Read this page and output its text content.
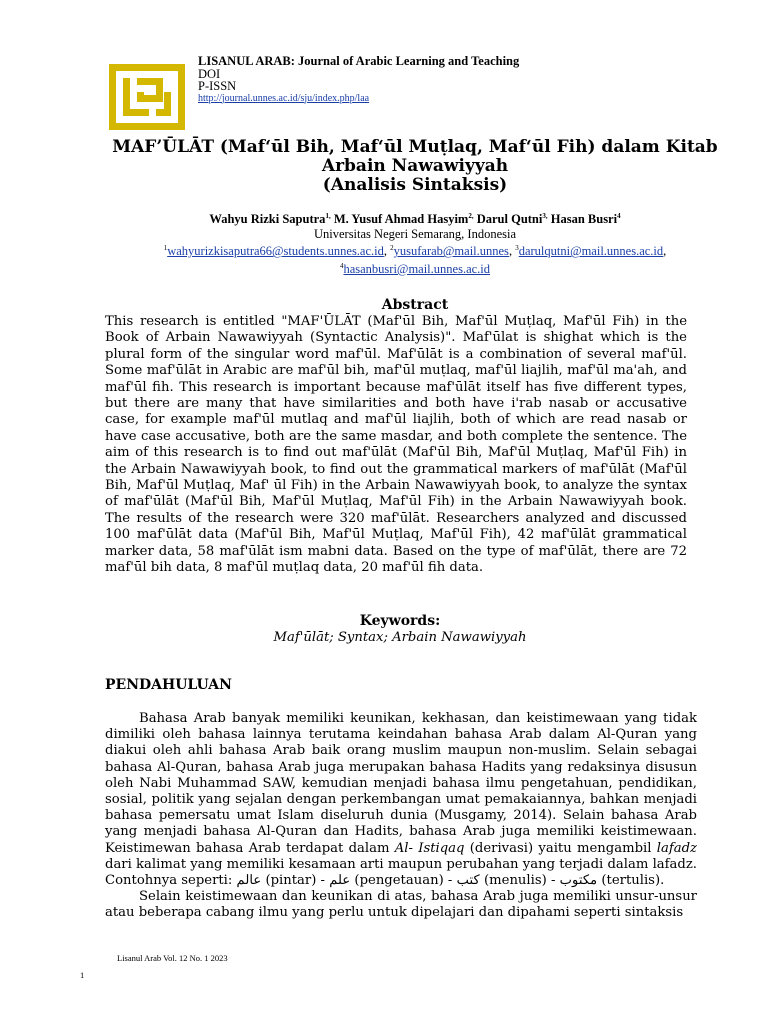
LISANUL ARAB: Journal of Arabic Learning and Teaching
DOI
P-ISSN
http://journal.unnes.ac.id/sju/index.php/laa
MAF’ŪLĀT (Maf‘ūl Bih, Maf‘ūl Muṭlaq, Maf‘ūl Fih) dalam Kitab
Arbain Nawawiyyah
(Analisis Sintaksis)
Wahyu Rizki Saputra$^{1,}$ M. Yusuf Ahmad Hasyim$^{2,}$ Darul Qutni$^{3,}$ Hasan Busri$^4$
Universitas Negeri Semarang, Indonesia
$^1$wahyurizkisaputra66@students.unnes.ac.id, $^2$yusufarab@mail.unnes, $^3$darulqutni@mail.unnes.ac.id,
$^4$hasanbusri@mail.unnes.ac.id
Abstract
This research is entitled "MAF'ŪLĀT (Maf'ūl Bih, Maf'ūl Muṭlaq, Maf'ūl Fih) in the Book of Arbain Nawawiyyah (Syntactic Analysis)". Maf'ūlat is shighat which is the plural form of the singular word maf'ūl. Maf'ūlāt is a combination of several maf'ūl. Some maf'ūlāt in Arabic are maf'ūl bih, maf'ūl muṭlaq, maf'ūl liajlih, maf'ūl ma'ah, and maf'ūl fih. This research is important because maf'ūlāt itself has five different types, but there are many that have similarities and both have i'rab nasab or accusative case, for example maf'ūl mutlaq and maf'ūl liajlih, both of which are read nasab or have case accusative, both are the same masdar, and both complete the sentence. The aim of this research is to find out maf'ūlāt (Maf'ūl Bih, Maf'ūl Muṭlaq, Maf'ūl Fih) in the Arbain Nawawiyyah book, to find out the grammatical markers of maf'ūlāt (Maf'ūl Bih, Maf'ūl Muṭlaq, Maf' ūl Fih) in the Arbain Nawawiyyah book, to analyze the syntax of maf'ūlāt (Maf'ūl Bih, Maf'ūl Muṭlaq, Maf'ūl Fih) in the Arbain Nawawiyyah book. The results of the research were 320 maf'ūlāt. Researchers analyzed and discussed 100 maf'ūlāt data (Maf'ūl Bih, Maf'ūl Muṭlaq, Maf'ūl Fih), 42 maf'ūlāt grammatical marker data, 58 maf'ūlāt ism mabni data. Based on the type of maf'ūlāt, there are 72 maf'ūl bih data, 8 maf'ūl muṭlaq data, 20 maf'ūl fih data.
Keywords:
Maf'ūlāt; Syntax; Arbain Nawawiyyah
PENDAHULUAN

Bahasa Arab banyak memiliki keunikan, kekhasan, dan keistimewaan yang tidak dimiliki oleh bahasa lainnya terutama keindahan bahasa Arab dalam Al-Quran yang diakui oleh ahli bahasa Arab baik orang muslim maupun non-muslim. Selain sebagai bahasa Al-Quran, bahasa Arab juga merupakan bahasa Hadits yang redaksinya disusun oleh Nabi Muhammad SAW, kemudian menjadi bahasa ilmu pengetahuan, pendidikan, sosial, politik yang sejalan dengan perkembangan umat pemakaiannya, bahkan menjadi bahasa pemersatu umat Islam diseluruh dunia (Musgamy, 2014). Selain bahasa Arab yang menjadi bahasa Al-Quran dan Hadits, bahasa Arab juga memiliki keistimewaan. Keistimewan bahasa Arab terdapat dalam Al- Istiqaq (derivasi) yaitu mengambil lafadz dari kalimat yang memiliki kesamaan arti maupun perubahan yang terjadi dalam lafadz. Contohnya seperti: عالم (pintar) - علم (pengetauan) - كتب (menulis) - مكتوب (tertulis).

Selain keistimewaan dan keunikan di atas, bahasa Arab juga memiliki unsur-unsur atau beberapa cabang ilmu yang perlu untuk dipelajari dan dipahami seperti sintaksis

Lisanul Arab Vol. 12 No. 1 2023
1
